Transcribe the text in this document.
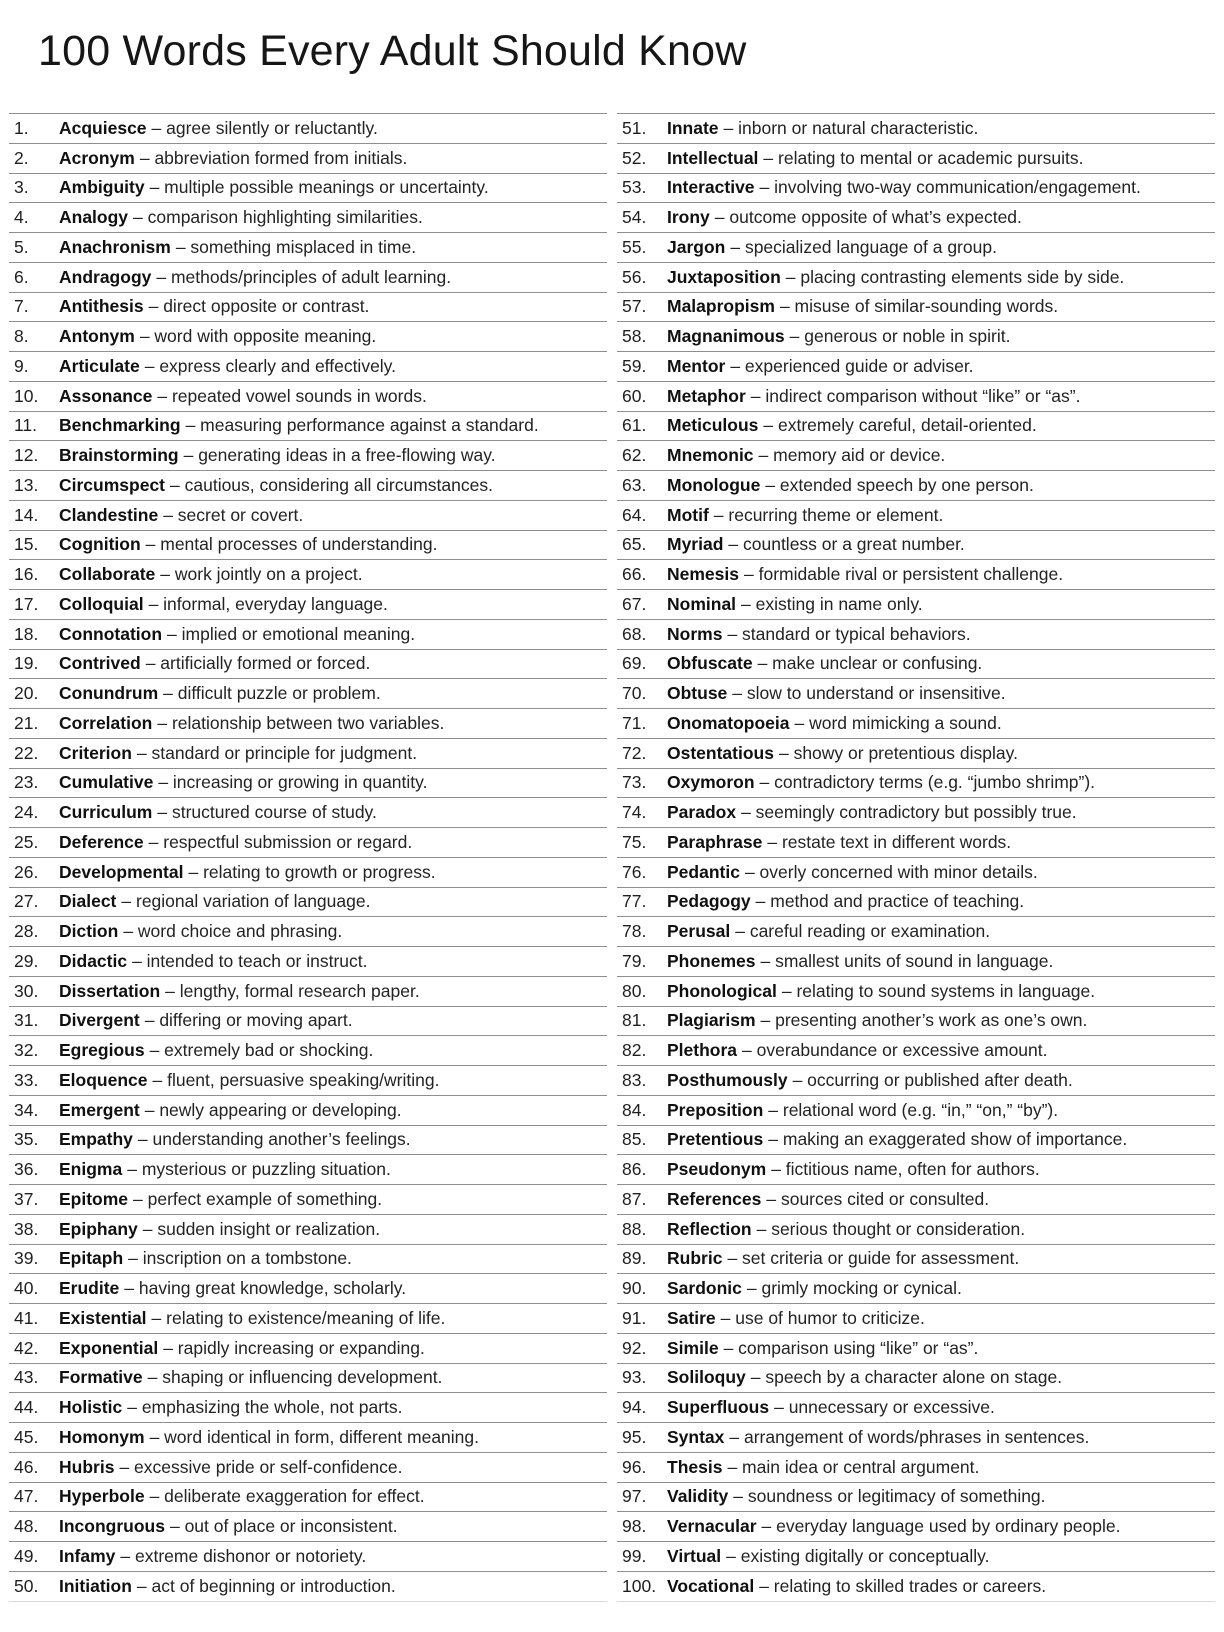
100 Words Every Adult Should Know
1.	Acquiesce – agree silently or reluctantly.
2.	Acronym – abbreviation formed from initials.
3.	Ambiguity – multiple possible meanings or uncertainty.
4.	Analogy – comparison highlighting similarities.
5.	Anachronism – something misplaced in time.
6.	Andragogy – methods/principles of adult learning.
7.	Antithesis – direct opposite or contrast.
8.	Antonym – word with opposite meaning.
9.	Articulate – express clearly and effectively.
10.	Assonance – repeated vowel sounds in words.
11.	Benchmarking – measuring performance against a standard.
12.	Brainstorming – generating ideas in a free-flowing way.
13.	Circumspect – cautious, considering all circumstances.
14.	Clandestine – secret or covert.
15.	Cognition – mental processes of understanding.
16.	Collaborate – work jointly on a project.
17.	Colloquial – informal, everyday language.
18.	Connotation – implied or emotional meaning.
19.	Contrived – artificially formed or forced.
20.	Conundrum – difficult puzzle or problem.
21.	Correlation – relationship between two variables.
22.	Criterion – standard or principle for judgment.
23.	Cumulative – increasing or growing in quantity.
24.	Curriculum – structured course of study.
25.	Deference – respectful submission or regard.
26.	Developmental – relating to growth or progress.
27.	Dialect – regional variation of language.
28.	Diction – word choice and phrasing.
29.	Didactic – intended to teach or instruct.
30.	Dissertation – lengthy, formal research paper.
31.	Divergent – differing or moving apart.
32.	Egregious – extremely bad or shocking.
33.	Eloquence – fluent, persuasive speaking/writing.
34.	Emergent – newly appearing or developing.
35.	Empathy – understanding another’s feelings.
36.	Enigma – mysterious or puzzling situation.
37.	Epitome – perfect example of something.
38.	Epiphany – sudden insight or realization.
39.	Epitaph – inscription on a tombstone.
40.	Erudite – having great knowledge, scholarly.
41.	Existential – relating to existence/meaning of life.
42.	Exponential – rapidly increasing or expanding.
43.	Formative – shaping or influencing development.
44.	Holistic – emphasizing the whole, not parts.
45.	Homonym – word identical in form, different meaning.
46.	Hubris – excessive pride or self-confidence.
47.	Hyperbole – deliberate exaggeration for effect.
48.	Incongruous – out of place or inconsistent.
49.	Infamy – extreme dishonor or notoriety.
50.	Initiation – act of beginning or introduction.
51.	Innate – inborn or natural characteristic.
52.	Intellectual – relating to mental or academic pursuits.
53.	Interactive – involving two-way communication/engagement.
54.	Irony – outcome opposite of what’s expected.
55.	Jargon – specialized language of a group.
56.	Juxtaposition – placing contrasting elements side by side.
57.	Malapropism – misuse of similar-sounding words.
58.	Magnanimous – generous or noble in spirit.
59.	Mentor – experienced guide or adviser.
60.	Metaphor – indirect comparison without “like” or “as”.
61.	Meticulous – extremely careful, detail-oriented.
62.	Mnemonic – memory aid or device.
63.	Monologue – extended speech by one person.
64.	Motif – recurring theme or element.
65.	Myriad – countless or a great number.
66.	Nemesis – formidable rival or persistent challenge.
67.	Nominal – existing in name only.
68.	Norms – standard or typical behaviors.
69.	Obfuscate – make unclear or confusing.
70.	Obtuse – slow to understand or insensitive.
71.	Onomatopoeia – word mimicking a sound.
72.	Ostentatious – showy or pretentious display.
73.	Oxymoron – contradictory terms (e.g. “jumbo shrimp”).
74.	Paradox – seemingly contradictory but possibly true.
75.	Paraphrase – restate text in different words.
76.	Pedantic – overly concerned with minor details.
77.	Pedagogy – method and practice of teaching.
78.	Perusal – careful reading or examination.
79.	Phonemes – smallest units of sound in language.
80.	Phonological – relating to sound systems in language.
81.	Plagiarism – presenting another’s work as one’s own.
82.	Plethora – overabundance or excessive amount.
83.	Posthumously – occurring or published after death.
84.	Preposition – relational word (e.g. “in,” “on,” “by”).
85.	Pretentious – making an exaggerated show of importance.
86.	Pseudonym – fictitious name, often for authors.
87.	References – sources cited or consulted.
88.	Reflection – serious thought or consideration.
89.	Rubric – set criteria or guide for assessment.
90.	Sardonic – grimly mocking or cynical.
91.	Satire – use of humor to criticize.
92.	Simile – comparison using “like” or “as”.
93.	Soliloquy – speech by a character alone on stage.
94.	Superfluous – unnecessary or excessive.
95.	Syntax – arrangement of words/phrases in sentences.
96.	Thesis – main idea or central argument.
97.	Validity – soundness or legitimacy of something.
98.	Vernacular – everyday language used by ordinary people.
99.	Virtual – existing digitally or conceptually.
100. Vocational – relating to skilled trades or careers.
